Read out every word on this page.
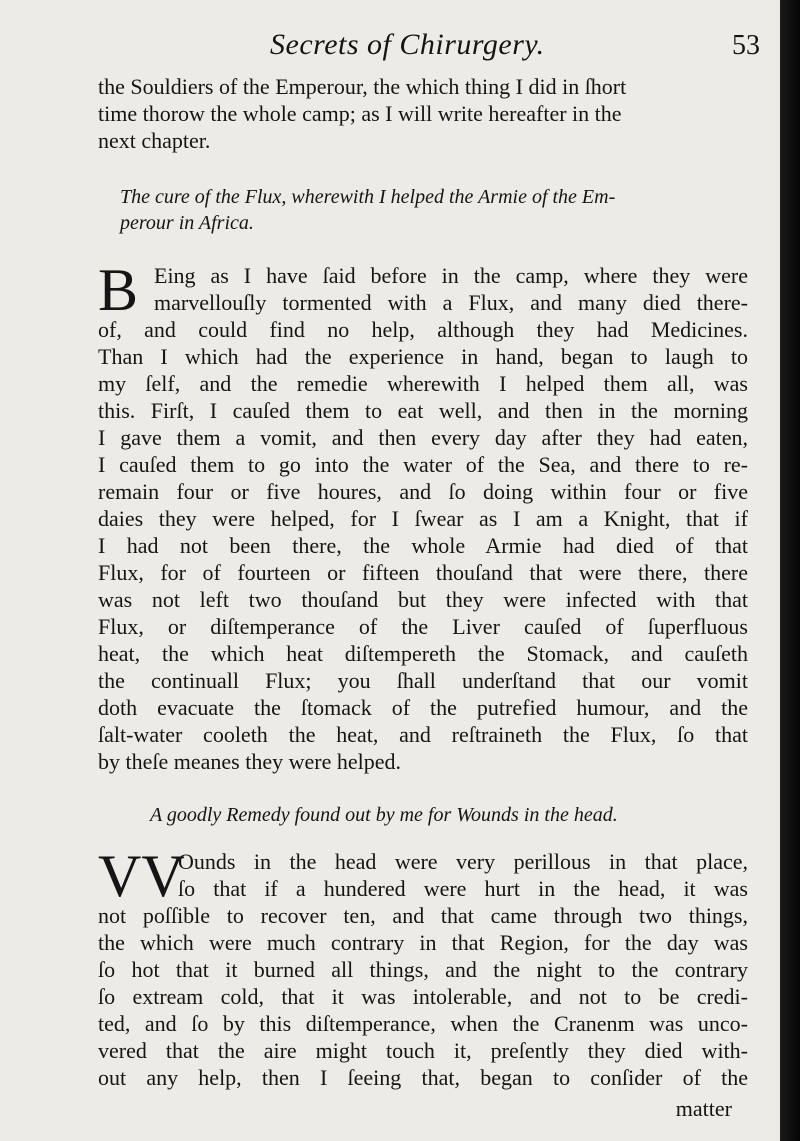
Secrets of Chirurgery.	53

the Souldiers of the Emperour, the which thing I did in ſhort
time thorow the whole camp; as I will write hereafter in the
next chapter.

The cure of the Flux, wherewith I helped the Armie of the Em-
perour in Africa.

B Eing as I have ſaid before in the camp, where they were
marvellouſly tormented with a Flux, and many died there-
of, and could find no help, although they had Medicines.
Than I which had the experience in hand, began to laugh to
my ſelf, and the remedie wherewith I helped them all, was
this. Firſt, I cauſed them to eat well, and then in the morning
I gave them a vomit, and then every day after they had eaten,
I cauſed them to go into the water of the Sea, and there to re-
remain four or five houres, and ſo doing within four or five
daies they were helped, for I ſwear as I am a Knight, that if
I had not been there, the whole Armie had died of that
Flux, for of fourteen or fifteen thouſand that were there, there
was not left two thouſand but they were infected with that
Flux, or diſtemperance of the Liver cauſed of ſuperfluous
heat, the which heat diſtempereth the Stomack, and cauſeth
the continuall Flux; you ſhall underſtand that our vomit
doth evacuate the ſtomack of the putrefied humour, and the
ſalt-water cooleth the heat, and reſtraineth the Flux, ſo that
by theſe meanes they were helped.

A goodly Remedy found out by me for Wounds in the head.

VV
Ounds in the head were very perillous in that place,
ſo that if a hundered were hurt in the head, it was
not poſſible to recover ten, and that came through two things,
the which were much contrary in that Region, for the day was
ſo hot that it burned all things, and the night to the contrary
ſo extream cold, that it was intolerable, and not to be credi-
ted, and ſo by this diſtemperance, when the Cranenm was unco-
vered that the aire might touch it, preſently they died with-
out any help, then I ſeeing that, began to conſider of the
matter
